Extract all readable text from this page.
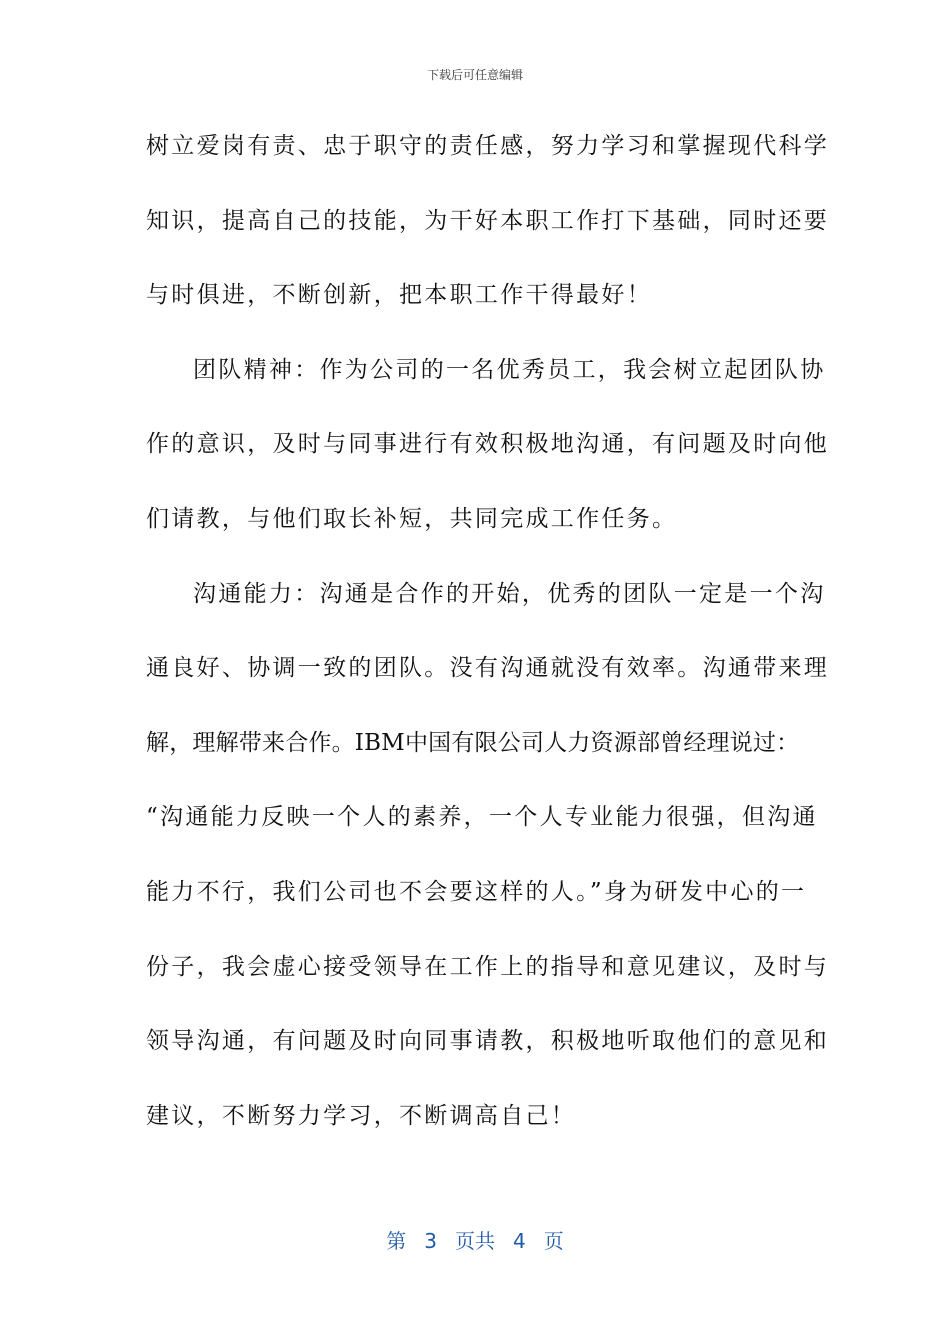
下载后可任意编辑
树立爱岗有责、忠于职守的责任感，努力学习和掌握现代科学
知识，提高自己的技能，为干好本职工作打下基础，同时还要
与时俱进，不断创新，把本职工作干得最好！
团队精神：作为公司的一名优秀员工，我会树立起团队协
作的意识，及时与同事进行有效积极地沟通，有问题及时向他
们请教，与他们取长补短，共同完成工作任务。
沟通能力：沟通是合作的开始，优秀的团队一定是一个沟
通良好、协调一致的团队。没有沟通就没有效率。沟通带来理
解，理解带来合作。IBM中国有限公司人力资源部曾经理说过：
“沟通能力反映一个人的素养，一个人专业能力很强，但沟通
能力不行，我们公司也不会要这样的人。”身为研发中心的一
份子，我会虚心接受领导在工作上的指导和意见建议，及时与
领导沟通，有问题及时向同事请教，积极地听取他们的意见和
建议，不断努力学习，不断调高自己！
第 3 页共 4 页
